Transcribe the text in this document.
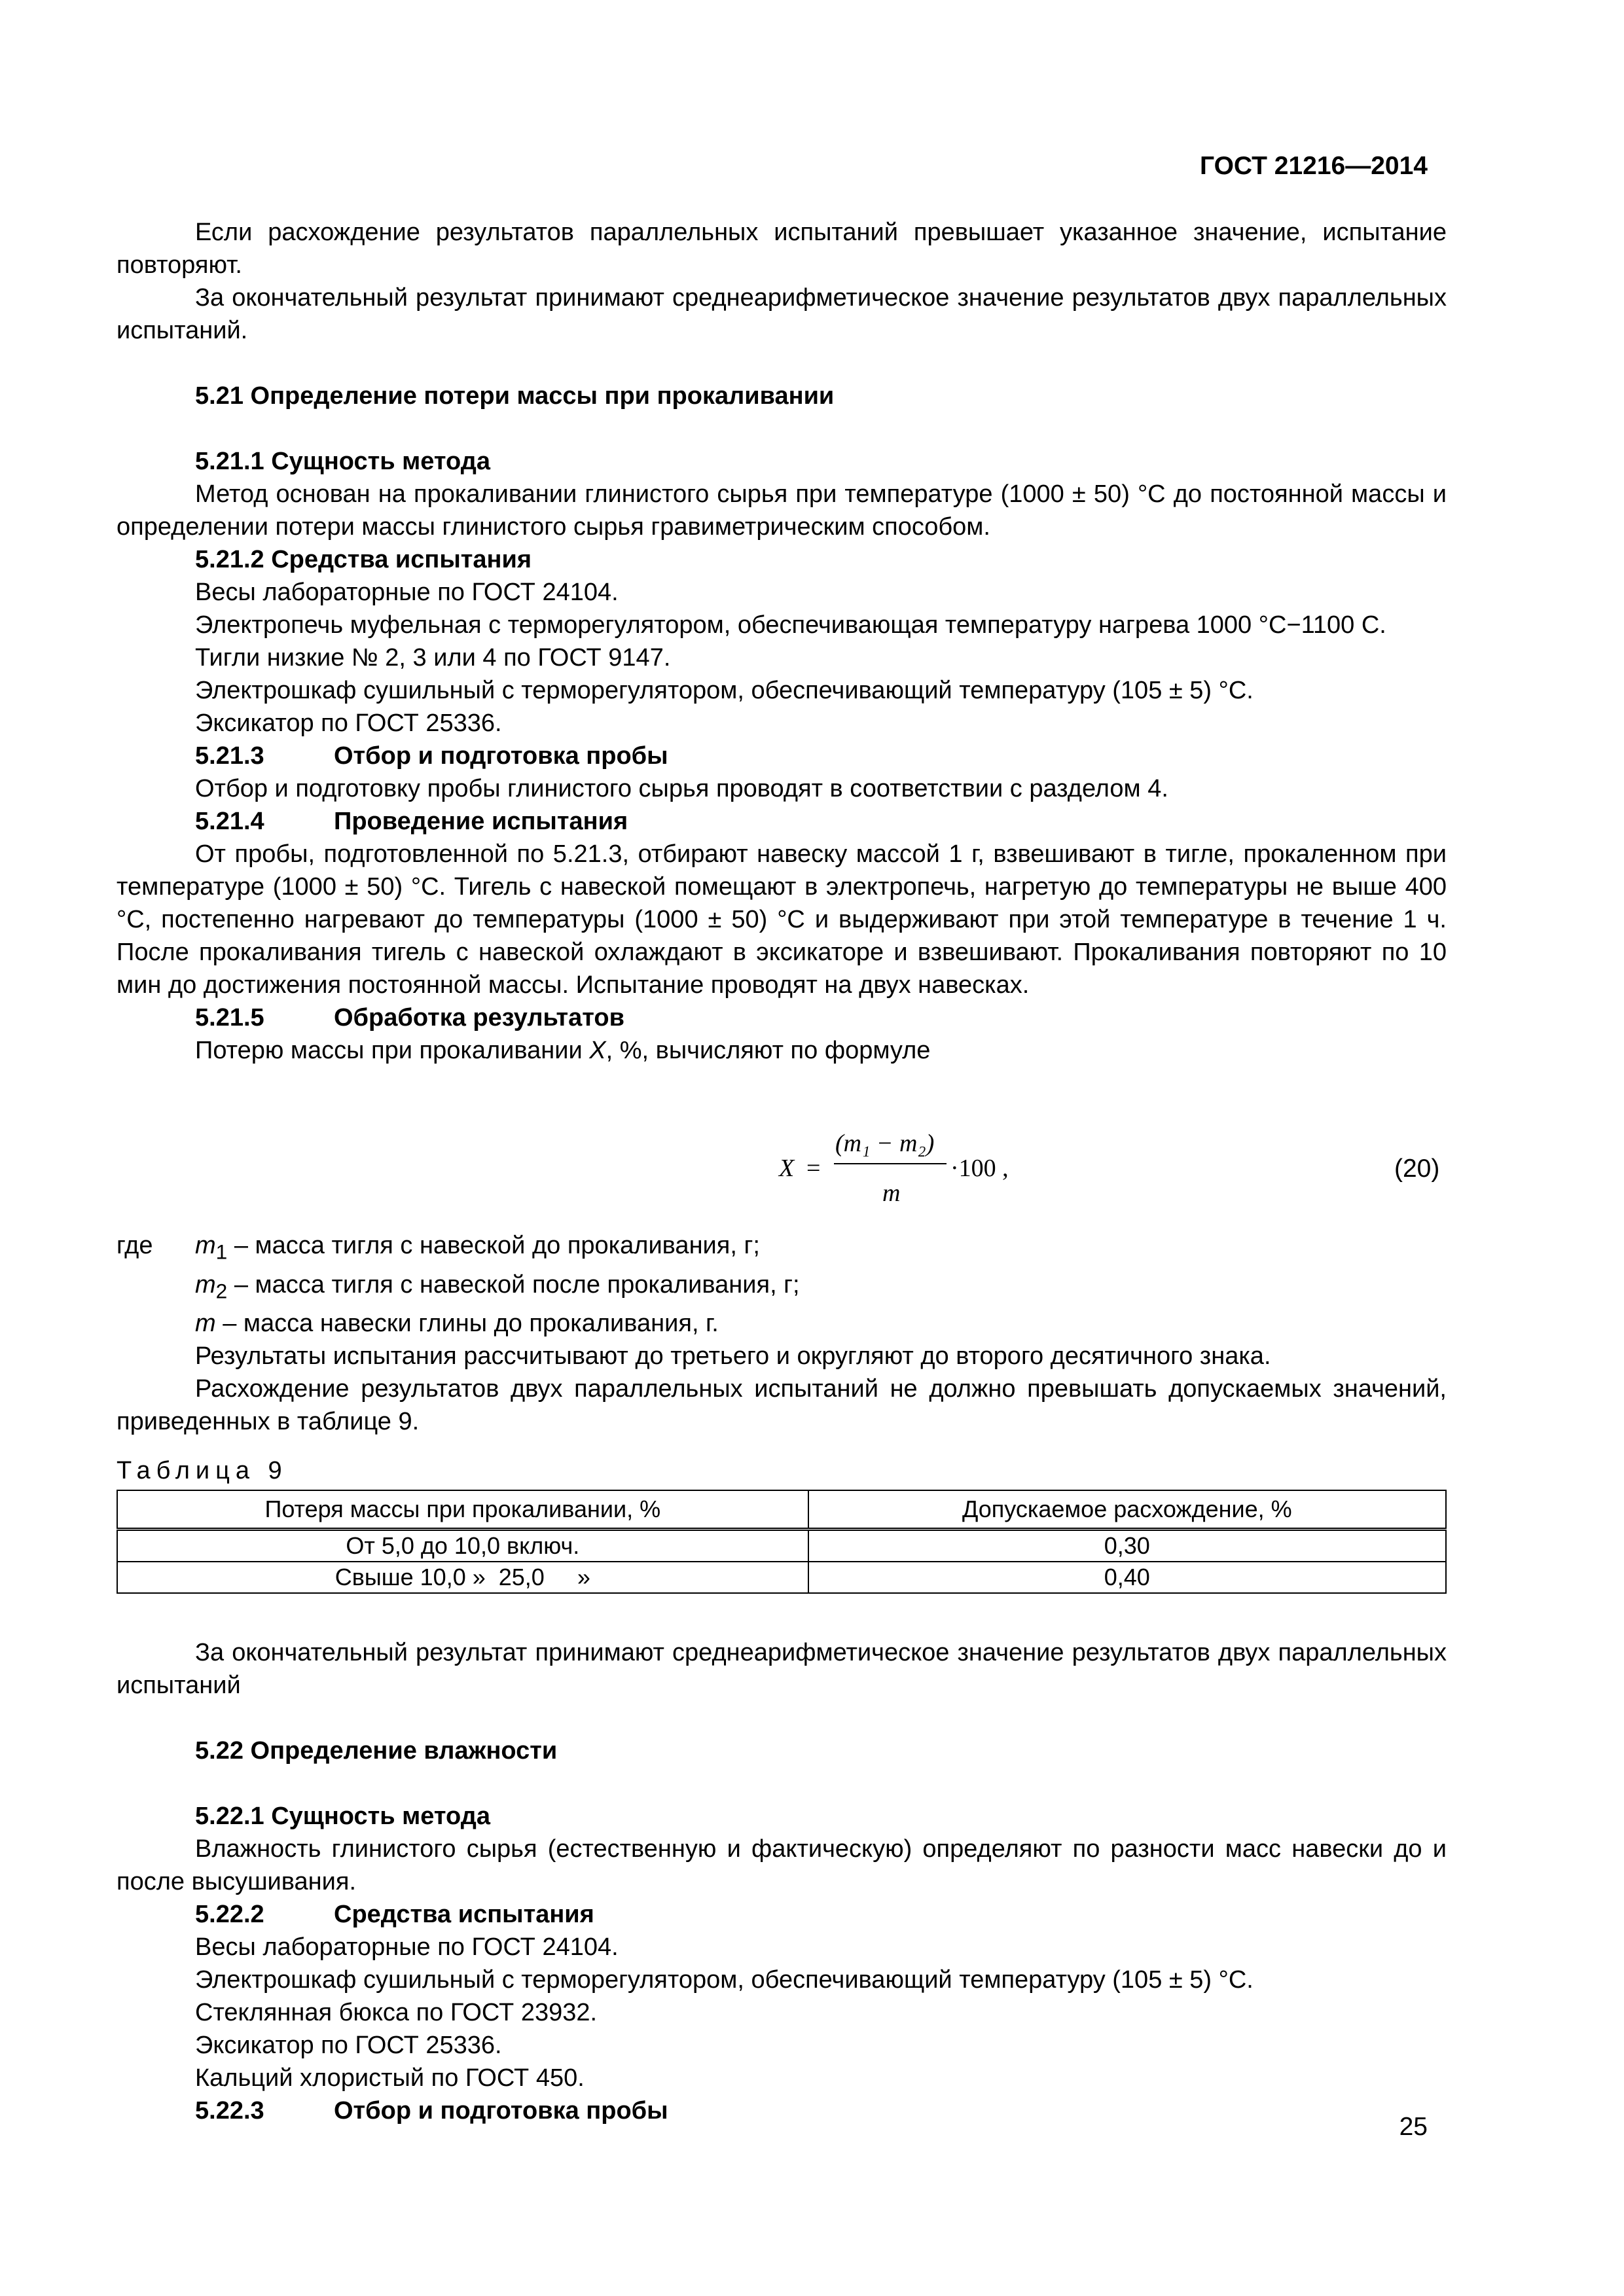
ГОСТ 21216—2014

Если расхождение результатов параллельных испытаний превышает указанное значение, испытание повторяют.

За окончательный результат принимают среднеарифметическое значение результатов двух параллельных испытаний.

5.21 Определение потери массы при прокаливании

5.21.1 Сущность метода

Метод основан на прокаливании глинистого сырья при температуре (1000 ± 50) °С до постоянной массы и определении потери массы глинистого сырья гравиметрическим способом.

5.21.2 Средства испытания

Весы лабораторные по ГОСТ 24104.

Электропечь муфельная с терморегулятором, обеспечивающая температуру нагрева 1000 °С−1100 С.

Тигли низкие № 2, 3 или 4 по ГОСТ 9147.

Электрошкаф сушильный с терморегулятором, обеспечивающий температуру (105 ± 5) °С.

Эксикатор по ГОСТ 25336.

5.21.3	Отбор и подготовка пробы

Отбор и подготовку пробы глинистого сырья проводят в соответствии с разделом 4.

5.21.4	Проведение испытания

От пробы, подготовленной по 5.21.3, отбирают навеску массой 1 г, взвешивают в тигле, прокаленном при температуре (1000 ± 50) °С. Тигель с навеской помещают в электропечь, нагретую до температуры не выше 400 °С, постепенно нагревают до температуры (1000 ± 50) °С и выдерживают при этой температуре в течение 1 ч. После прокаливания тигель с навеской охлаждают в эксикаторе и взвешивают. Прокаливания повторяют по 10 мин до достижения постоянной массы. Испытание проводят на двух навесках.

5.21.5	Обработка результатов

Потерю массы при прокаливании X, %, вычисляют по формуле

X =
(m₁ − m₂)
m
·100 ,	(20)
где	$m_1$ – масса тигля с навеской до прокаливания, г;
$m_2$ – масса тигля с навеской после прокаливания, г;
m – масса навески глины до прокаливания, г.

Результаты испытания рассчитывают до третьего и округляют до второго десятичного знака.

Расхождение результатов двух параллельных испытаний не должно превышать допускаемых значений, приведенных в таблице 9.

Таблица 9
Потеря массы при прокаливании, %	Допускаемое расхождение, %
От 5,0 до 10,0 включ.	0,30
Свыше 10,0 »  25,0     »	0,40

За окончательный результат принимают среднеарифметическое значение результатов двух параллельных испытаний

5.22 Определение влажности

5.22.1 Сущность метода

Влажность глинистого сырья (естественную и фактическую) определяют по разности масс навески до и после высушивания.

5.22.2	Средства испытания

Весы лабораторные по ГОСТ 24104.

Электрошкаф сушильный с терморегулятором, обеспечивающий температуру (105 ± 5) °С.

Стеклянная бюкса по ГОСТ 23932.

Эксикатор по ГОСТ 25336.

Кальций хлористый по ГОСТ 450.

5.22.3	Отбор и подготовка пробы

25
